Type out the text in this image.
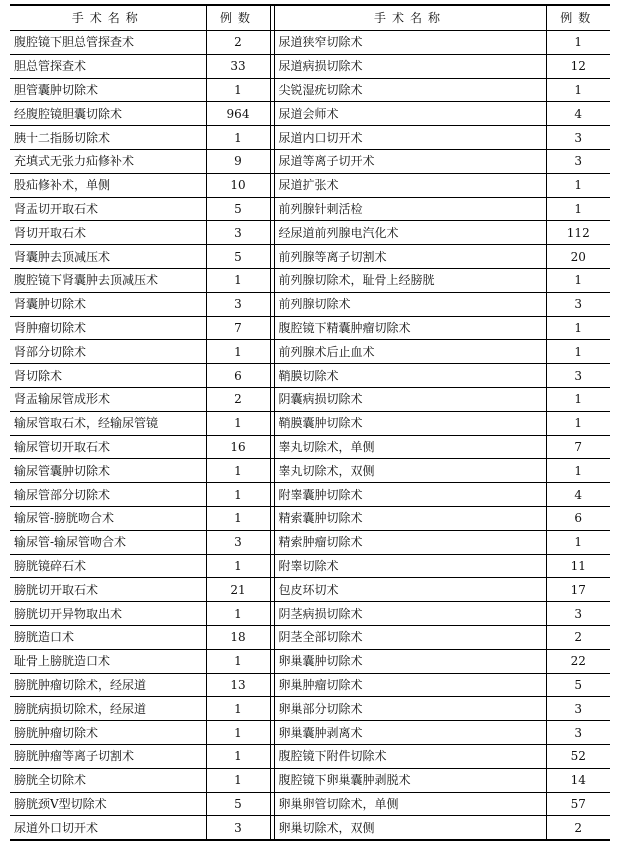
手术名称	例数		手术名称	例数
腹腔镜下胆总管探查术	2		尿道狭窄切除术	1
胆总管探查术	33		尿道病损切除术	12
胆管囊肿切除术	1		尖锐湿疣切除术	1
经腹腔镜胆囊切除术	964		尿道会师术	4
胰十二指肠切除术	1		尿道内口切开术	3
充填式无张力疝修补术	9		尿道等离子切开术	3
股疝修补术，单侧	10		尿道扩张术	1
肾盂切开取石术	5		前列腺针刺活检	1
肾切开取石术	3		经尿道前列腺电汽化术	112
肾囊肿去顶减压术	5		前列腺等离子切割术	20
腹腔镜下肾囊肿去顶减压术	1		前列腺切除术，耻骨上经膀胱	1
肾囊肿切除术	3		前列腺切除术	3
肾肿瘤切除术	7		腹腔镜下精囊肿瘤切除术	1
肾部分切除术	1		前列腺术后止血术	1
肾切除术	6		鞘膜切除术	3
肾盂输尿管成形术	2		阴囊病损切除术	1
输尿管取石术，经输尿管镜	1		鞘膜囊肿切除术	1
输尿管切开取石术	16		睾丸切除术，单侧	7
输尿管囊肿切除术	1		睾丸切除术，双侧	1
输尿管部分切除术	1		附睾囊肿切除术	4
输尿管-膀胱吻合术	1		精索囊肿切除术	6
输尿管-输尿管吻合术	3		精索肿瘤切除术	1
膀胱镜碎石术	1		附睾切除术	11
膀胱切开取石术	21		包皮环切术	17
膀胱切开异物取出术	1		阴茎病损切除术	3
膀胱造口术	18		阴茎全部切除术	2
耻骨上膀胱造口术	1		卵巢囊肿切除术	22
膀胱肿瘤切除术，经尿道	13		卵巢肿瘤切除术	5
膀胱病损切除术，经尿道	1		卵巢部分切除术	3
膀胱肿瘤切除术	1		卵巢囊肿剥离术	3
膀胱肿瘤等离子切割术	1		腹腔镜下附件切除术	52
膀胱全切除术	1		腹腔镜下卵巢囊肿剥脱术	14
膀胱颈V型切除术	5		卵巢卵管切除术，单侧	57
尿道外口切开术	3		卵巢切除术，双侧	2
